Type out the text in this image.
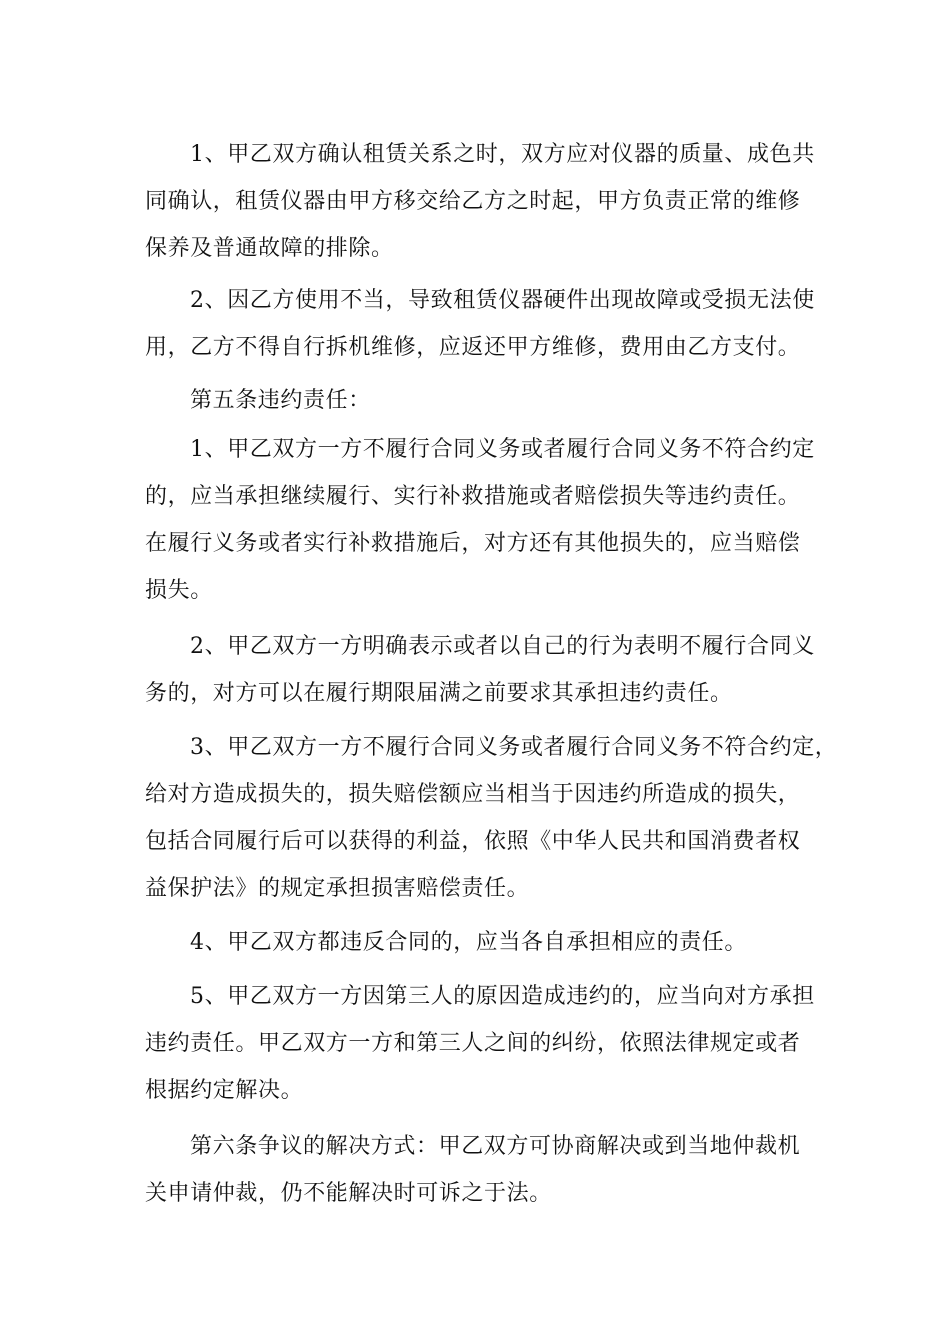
1、甲乙双方确认租赁关系之时，双方应对仪器的质量、成色共
同确认，租赁仪器由甲方移交给乙方之时起，甲方负责正常的维修
保养及普通故障的排除。
2、因乙方使用不当，导致租赁仪器硬件出现故障或受损无法使
用，乙方不得自行拆机维修，应返还甲方维修，费用由乙方支付。
第五条违约责任：
1、甲乙双方一方不履行合同义务或者履行合同义务不符合约定
的，应当承担继续履行、实行补救措施或者赔偿损失等违约责任。
在履行义务或者实行补救措施后，对方还有其他损失的，应当赔偿
损失。
2、甲乙双方一方明确表示或者以自己的行为表明不履行合同义
务的，对方可以在履行期限届满之前要求其承担违约责任。
3、甲乙双方一方不履行合同义务或者履行合同义务不符合约定，
给对方造成损失的，损失赔偿额应当相当于因违约所造成的损失，
包括合同履行后可以获得的利益，依照《中华人民共和国消费者权
益保护法》的规定承担损害赔偿责任。
4、甲乙双方都违反合同的，应当各自承担相应的责任。
5、甲乙双方一方因第三人的原因造成违约的，应当向对方承担
违约责任。甲乙双方一方和第三人之间的纠纷，依照法律规定或者
根据约定解决。
第六条争议的解决方式：甲乙双方可协商解决或到当地仲裁机
关申请仲裁，仍不能解决时可诉之于法。
